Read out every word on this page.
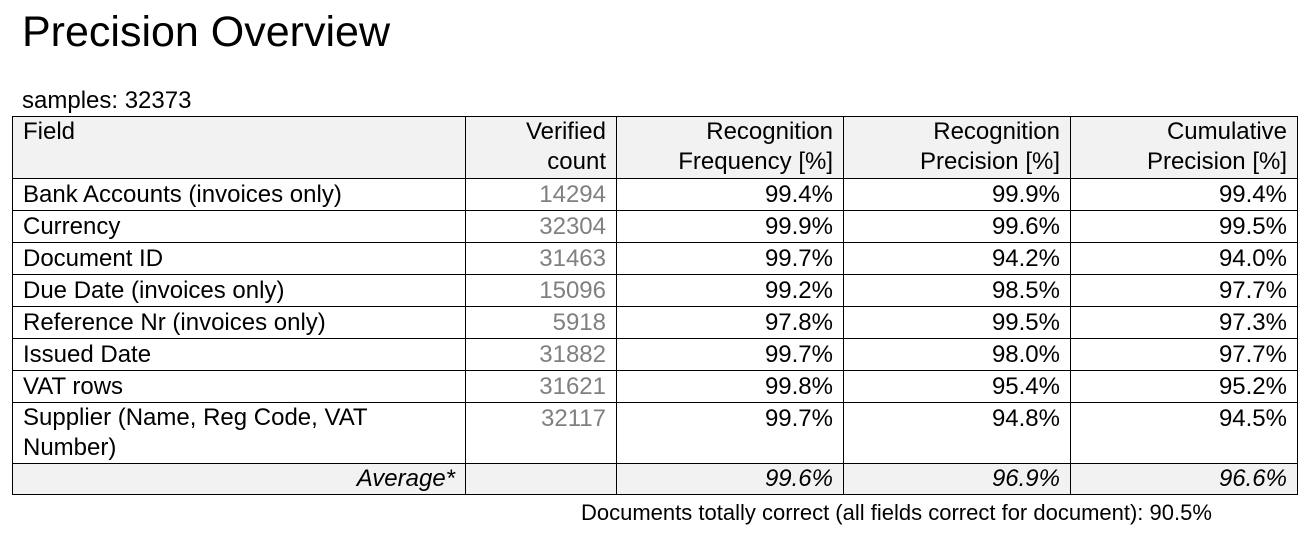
Precision Overview
samples: 32373
Field	Verified count	Recognition Frequency [%]	Recognition Precision [%]	Cumulative Precision [%]
Bank Accounts (invoices only)	14294	99.4%	99.9%	99.4%
Currency	32304	99.9%	99.6%	99.5%
Document ID	31463	99.7%	94.2%	94.0%
Due Date (invoices only)	15096	99.2%	98.5%	97.7%
Reference Nr (invoices only)	5918	97.8%	99.5%	97.3%
Issued Date	31882	99.7%	98.0%	97.7%
VAT rows	31621	99.8%	95.4%	95.2%
Supplier (Name, Reg Code, VAT Number)	32117	99.7%	94.8%	94.5%
Average*		99.6%	96.9%	96.6%
Documents totally correct (all fields correct for document): 90.5%
